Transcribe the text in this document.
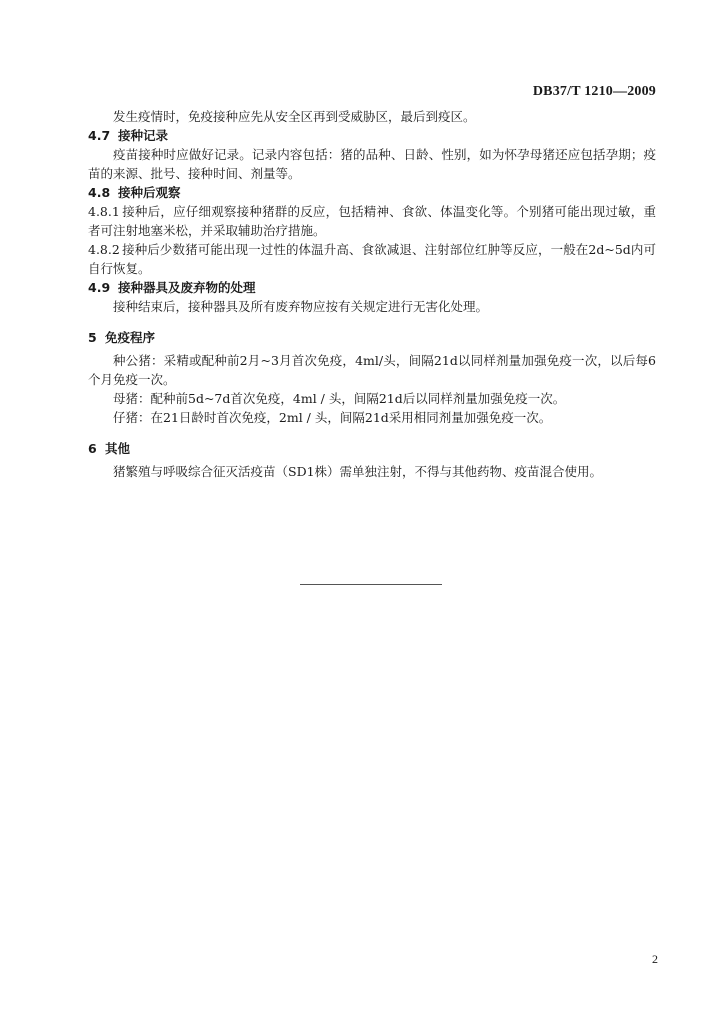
DB37/T 1210—2009

发生疫情时，免疫接种应先从安全区再到受威胁区，最后到疫区。

4.7 接种记录

疫苗接种时应做好记录。记录内容包括：猪的品种、日龄、性别，如为怀孕母猪还应包括孕期；疫苗的来源、批号、接种时间、剂量等。

4.8 接种后观察

4.8.1 接种后，应仔细观察接种猪群的反应，包括精神、食欲、体温变化等。个别猪可能出现过敏，重者可注射地塞米松，并采取辅助治疗措施。

4.8.2 接种后少数猪可能出现一过性的体温升高、食欲减退、注射部位红肿等反应，一般在2d~5d内可自行恢复。

4.9 接种器具及废弃物的处理

接种结束后，接种器具及所有废弃物应按有关规定进行无害化处理。

5 免疫程序

种公猪：采精或配种前2月~3月首次免疫，4ml/头，间隔21d以同样剂量加强免疫一次，以后每6个月免疫一次。

母猪：配种前5d~7d首次免疫，4ml / 头，间隔21d后以同样剂量加强免疫一次。

仔猪：在21日龄时首次免疫，2ml / 头，间隔21d采用相同剂量加强免疫一次。

6 其他

猪繁殖与呼吸综合征灭活疫苗（SD1株）需单独注射，不得与其他药物、疫苗混合使用。

2
